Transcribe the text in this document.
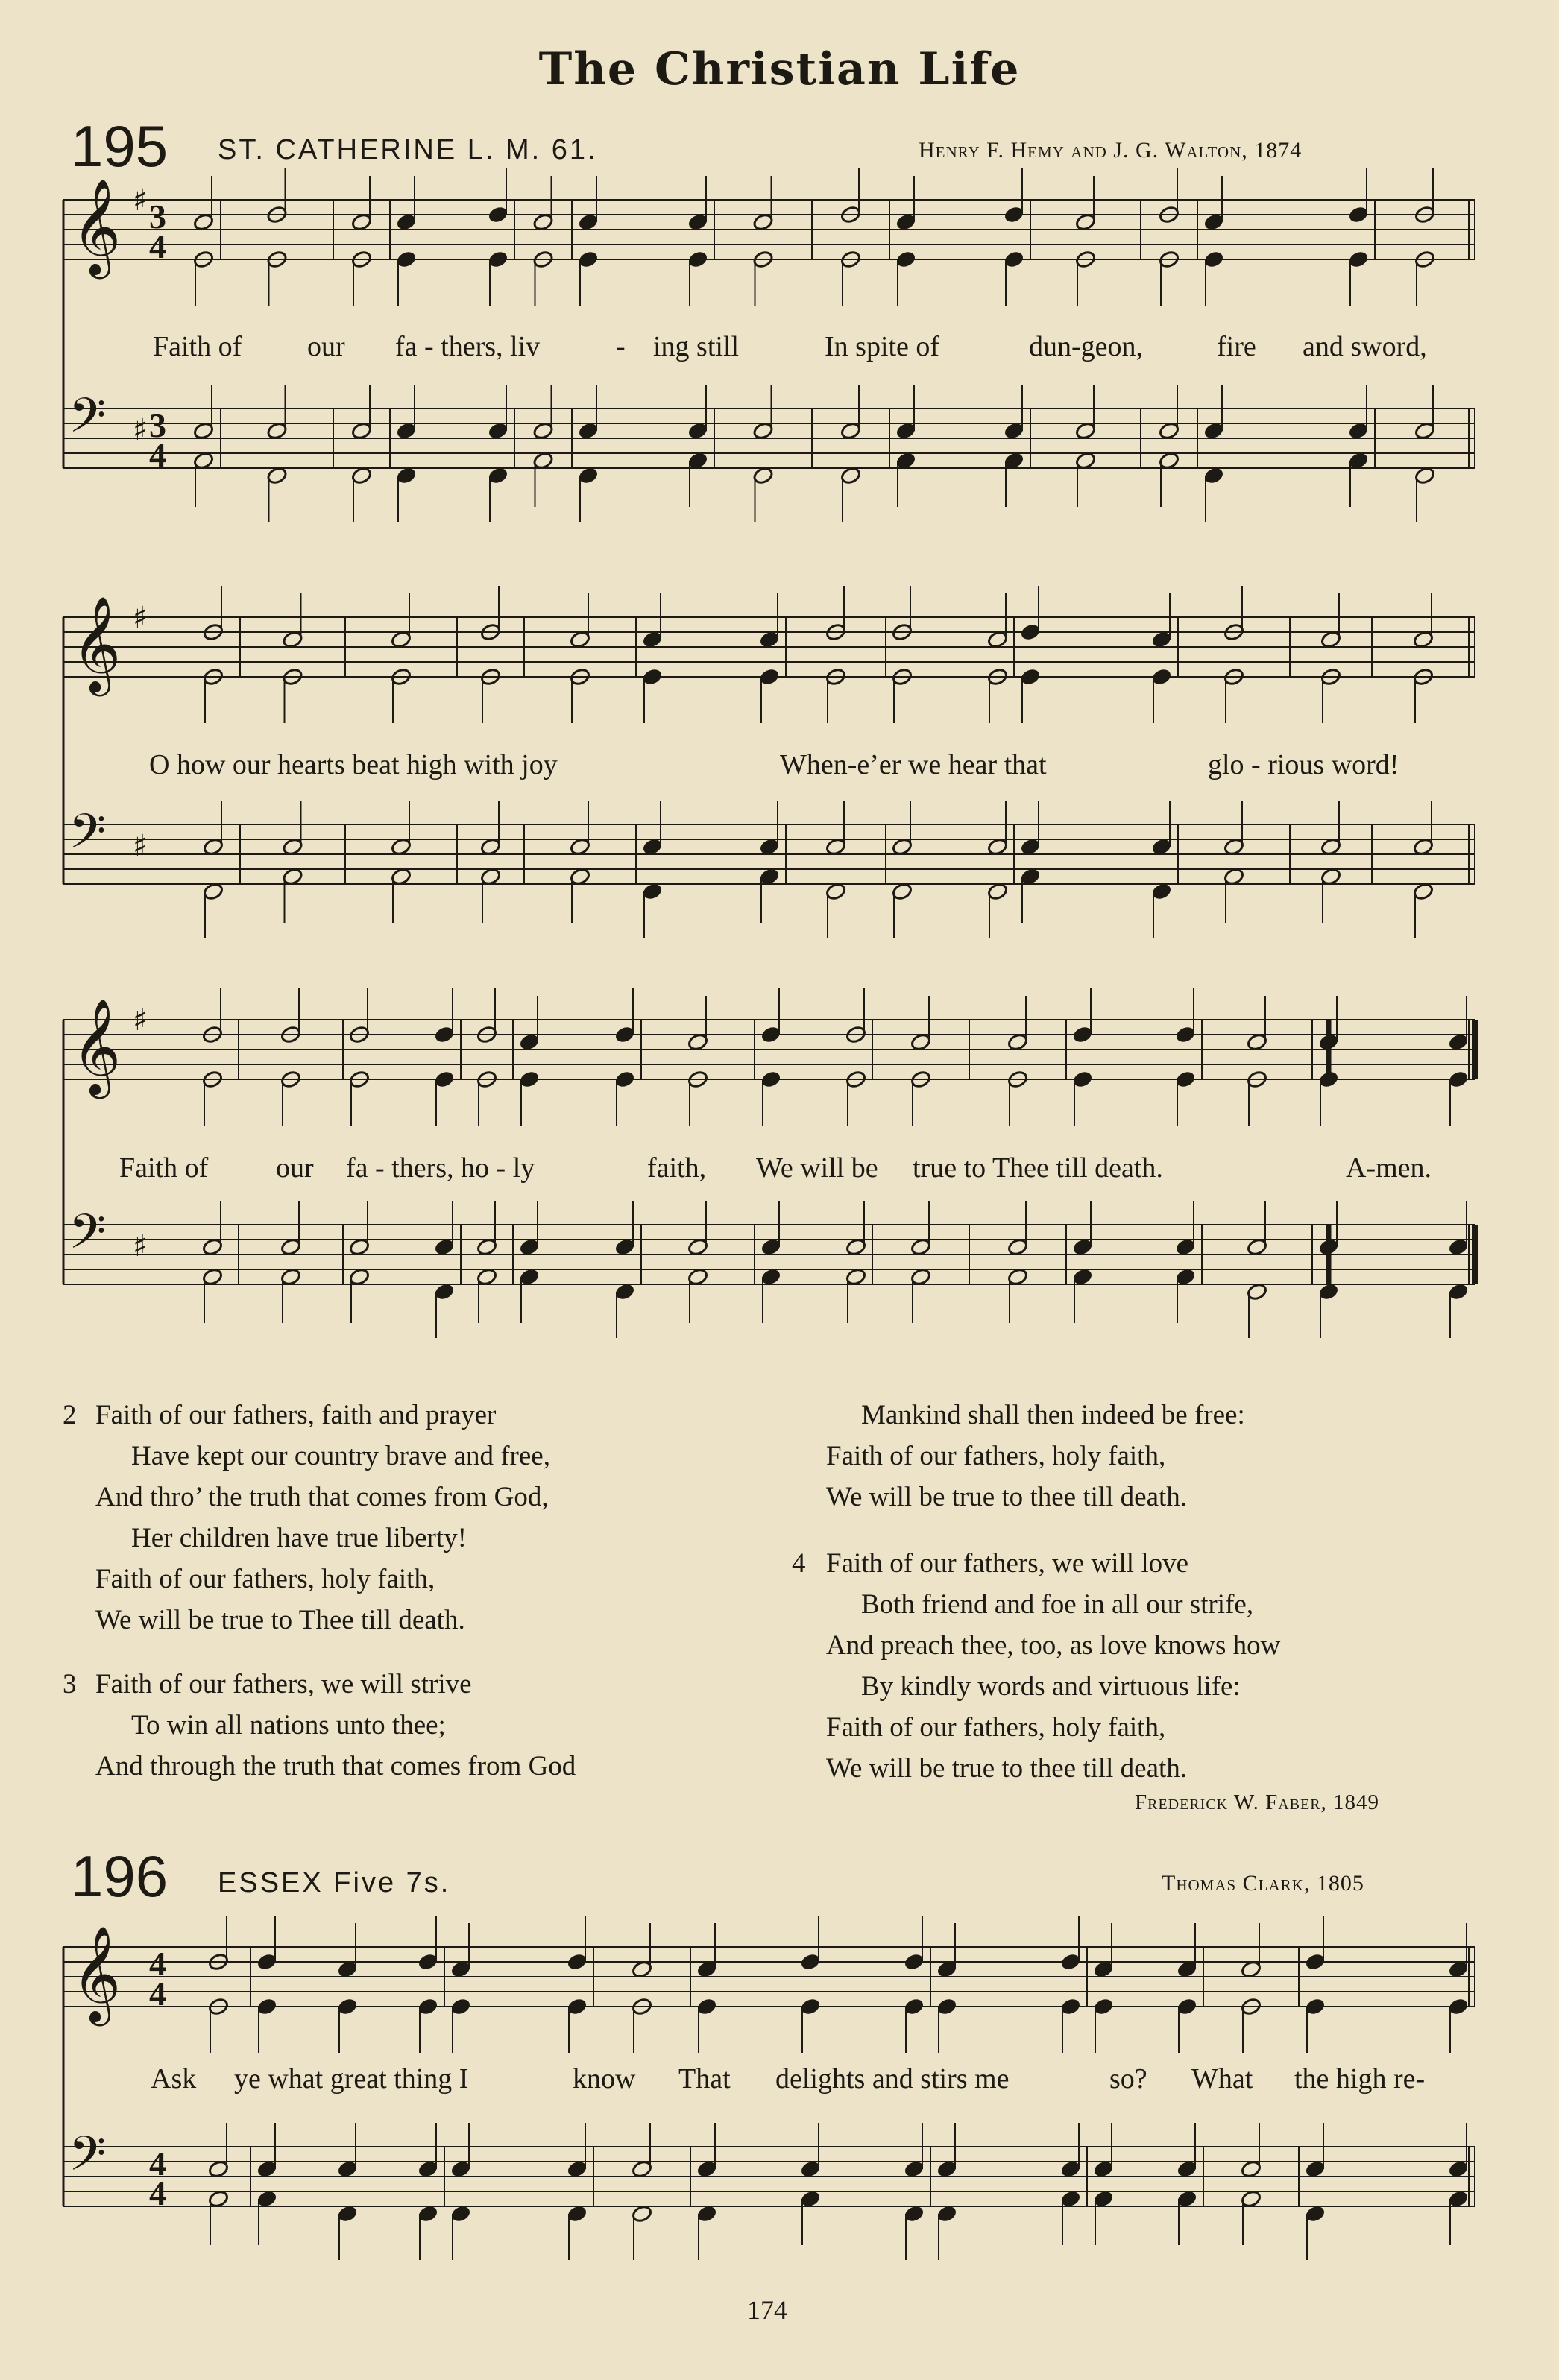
The Christian Life
195 ST. CATHERINE L. M. 61.	Henry F. Hemy and J. G. Walton, 1874
𝄞 ♯ 3
4
𝄢 ♯ 3
4
𝄞 ♯
𝄢 ♯
𝄞 ♯
𝄢 ♯
𝄞 4
4
𝄢 4
4
Faith of our fa - thers, liv	- ing still	In spite of	dun-geon,	fire and sword,
O how our hearts beat high with joy	When-e’er we hear that	glo - rious word!
Faith of our fa - thers, ho - ly	faith, We will be true to Thee till death.	A-men.
2 Faith of our fathers, faith and prayer
Have kept our country brave and free,
And thro’ the truth that comes from God,
Her children have true liberty!
Faith of our fathers, holy faith,
We will be true to Thee till death.
3 Faith of our fathers, we will strive
To win all nations unto thee;
And through the truth that comes from God
Mankind shall then indeed be free:
Faith of our fathers, holy faith,
We will be true to thee till death.
4 Faith of our fathers, we will love
Both friend and foe in all our strife,
And preach thee, too, as love knows how
By kindly words and virtuous life:
Faith of our fathers, holy faith,
We will be true to thee till death.
Frederick W. Faber, 1849
196 ESSEX Five 7s.	Thomas Clark, 1805
Ask ye what great thing I	know That delights and stirs me	so? What the high re-
174
